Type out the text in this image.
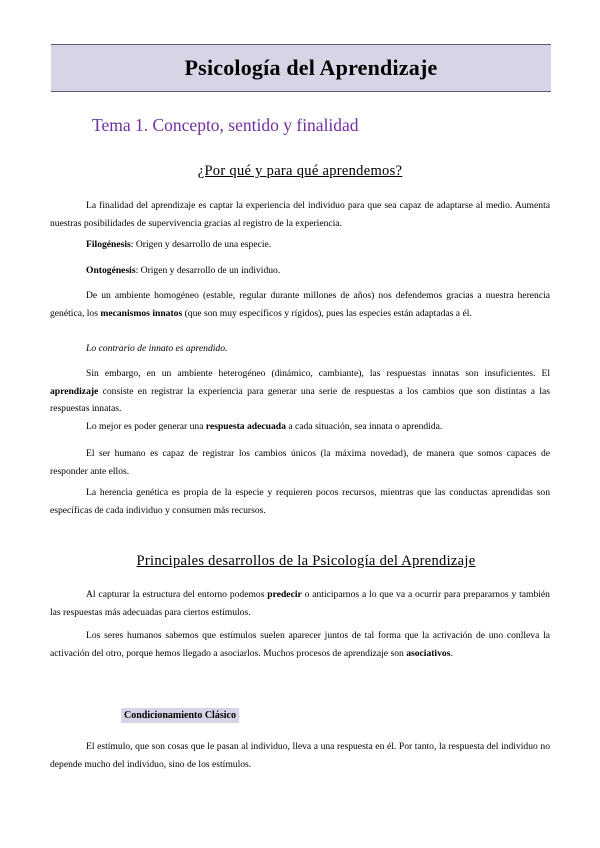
Psicología del Aprendizaje
Tema 1. Concepto, sentido y finalidad
¿Por qué y para qué aprendemos?

La finalidad del aprendizaje es captar la experiencia del individuo para que sea capaz de adaptarse al medio. Aumenta nuestras posibilidades de supervivencia gracias al registro de la experiencia.

Filogénesis: Origen y desarrollo de una especie.

Ontogénesis: Origen y desarrollo de un individuo.

De un ambiente homogéneo (estable, regular durante millones de años) nos defendemos gracias a nuestra herencia genética, los mecanismos innatos (que son muy específicos y rígidos), pues las especies están adaptadas a él.

Lo contrario de innato es aprendido.

Sin embargo, en un ambiente heterogéneo (dinámico, cambiante), las respuestas innatas son insuficientes. El aprendizaje consiste en registrar la experiencia para generar una serie de respuestas a los cambios que son distintas a las respuestas innatas.

Lo mejor es poder generar una respuesta adecuada a cada situación, sea innata o aprendida.

El ser humano es capaz de registrar los cambios únicos (la máxima novedad), de manera que somos capaces de responder ante ellos.

La herencia genética es propia de la especie y requieren pocos recursos, mientras que las conductas aprendidas son específicas de cada individuo y consumen más recursos.

Principales desarrollos de la Psicología del Aprendizaje

Al capturar la estructura del entorno podemos predecir o anticiparnos a lo que va a ocurrir para prepararnos y también las respuestas más adecuadas para ciertos estímulos.

Los seres humanos sabemos que estímulos suelen aparecer juntos de tal forma que la activación de uno conlleva la activación del otro, porque hemos llegado a asociarlos. Muchos procesos de aprendizaje son asociativos.

Condicionamiento Clásico

El estímulo, que son cosas que le pasan al individuo, lleva a una respuesta en él. Por tanto, la respuesta del individuo no depende mucho del individuo, sino de los estímulos.
